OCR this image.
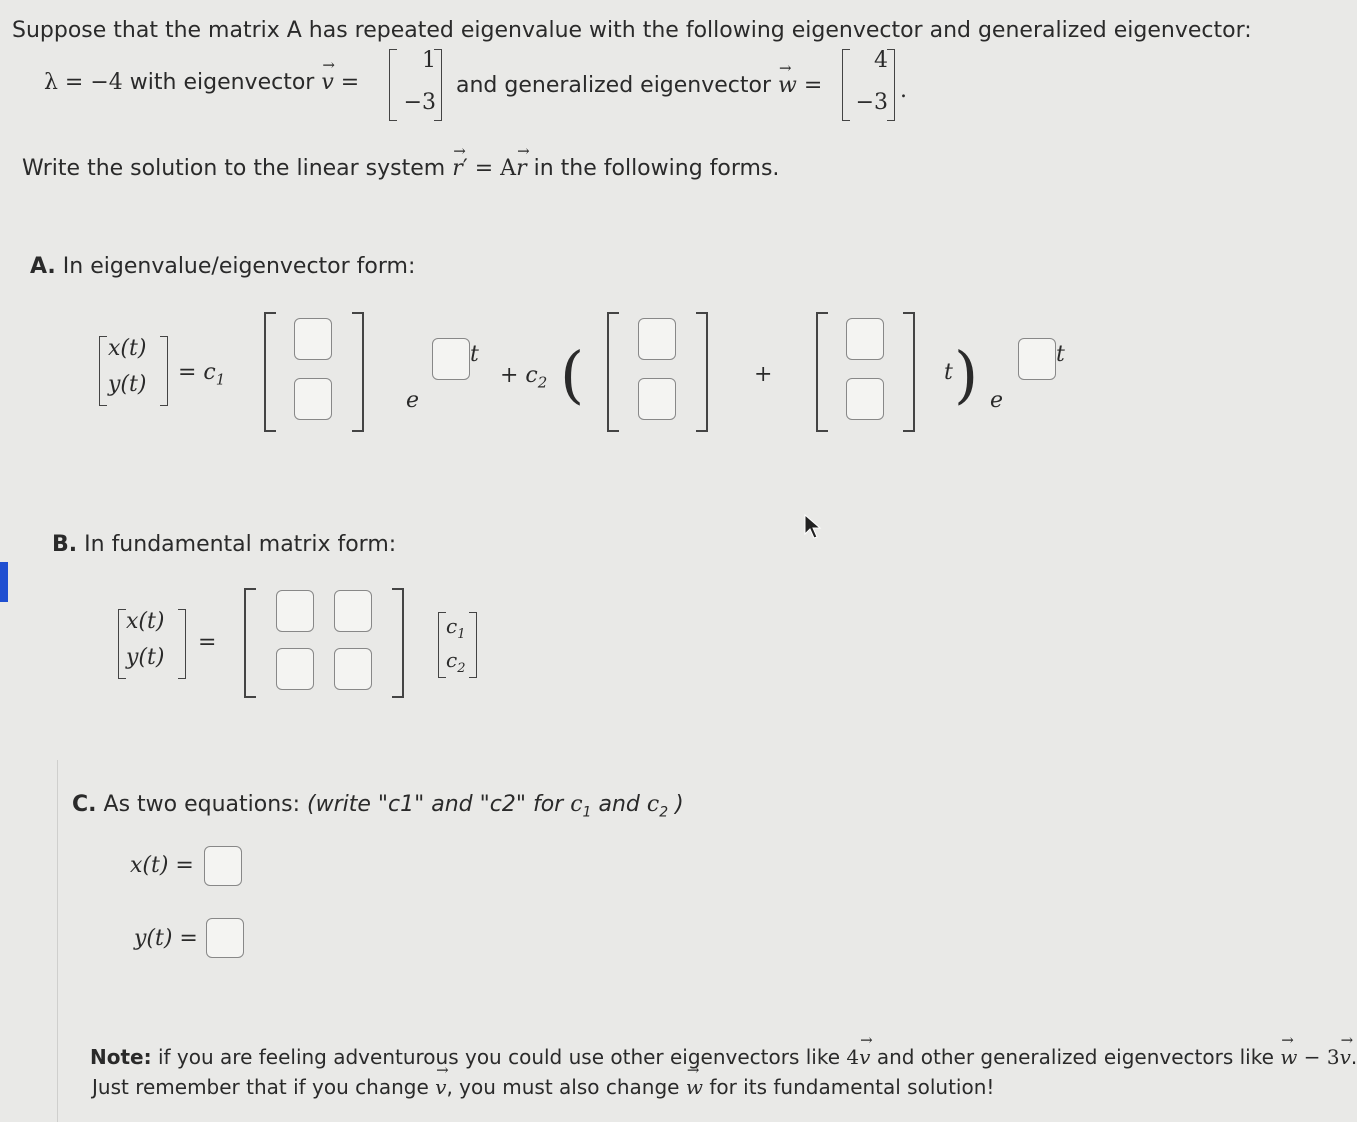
Suppose that the matrix A has repeated eigenvalue with the following eigenvector and generalized eigenvector:
λ = −4 with eigenvector → v =
1
−3
and generalized eigenvector → w =
4
−3 .
Write the solution to the linear system → r′ = A→ r in the following forms.
A. In eigenvalue/eigenvector form:
x(t)
$y(t) = c_1$
e
t
+ $c_2$ (	+	t ) e
t
B. In fundamental matrix form:
x(t)
y(t)
=
$c_1$
$c_2$
C. As two equations: (write "c1" and "c2" for $c_1$ and $c_2$ )
x(t) =
y(t) =
Note: if you are feeling adventurous you could use other eigenvectors like 4→ v and other generalized eigenvectors like → w − 3→ v.
Just remember that if you change → v, you must also change → w for its fundamental solution!
